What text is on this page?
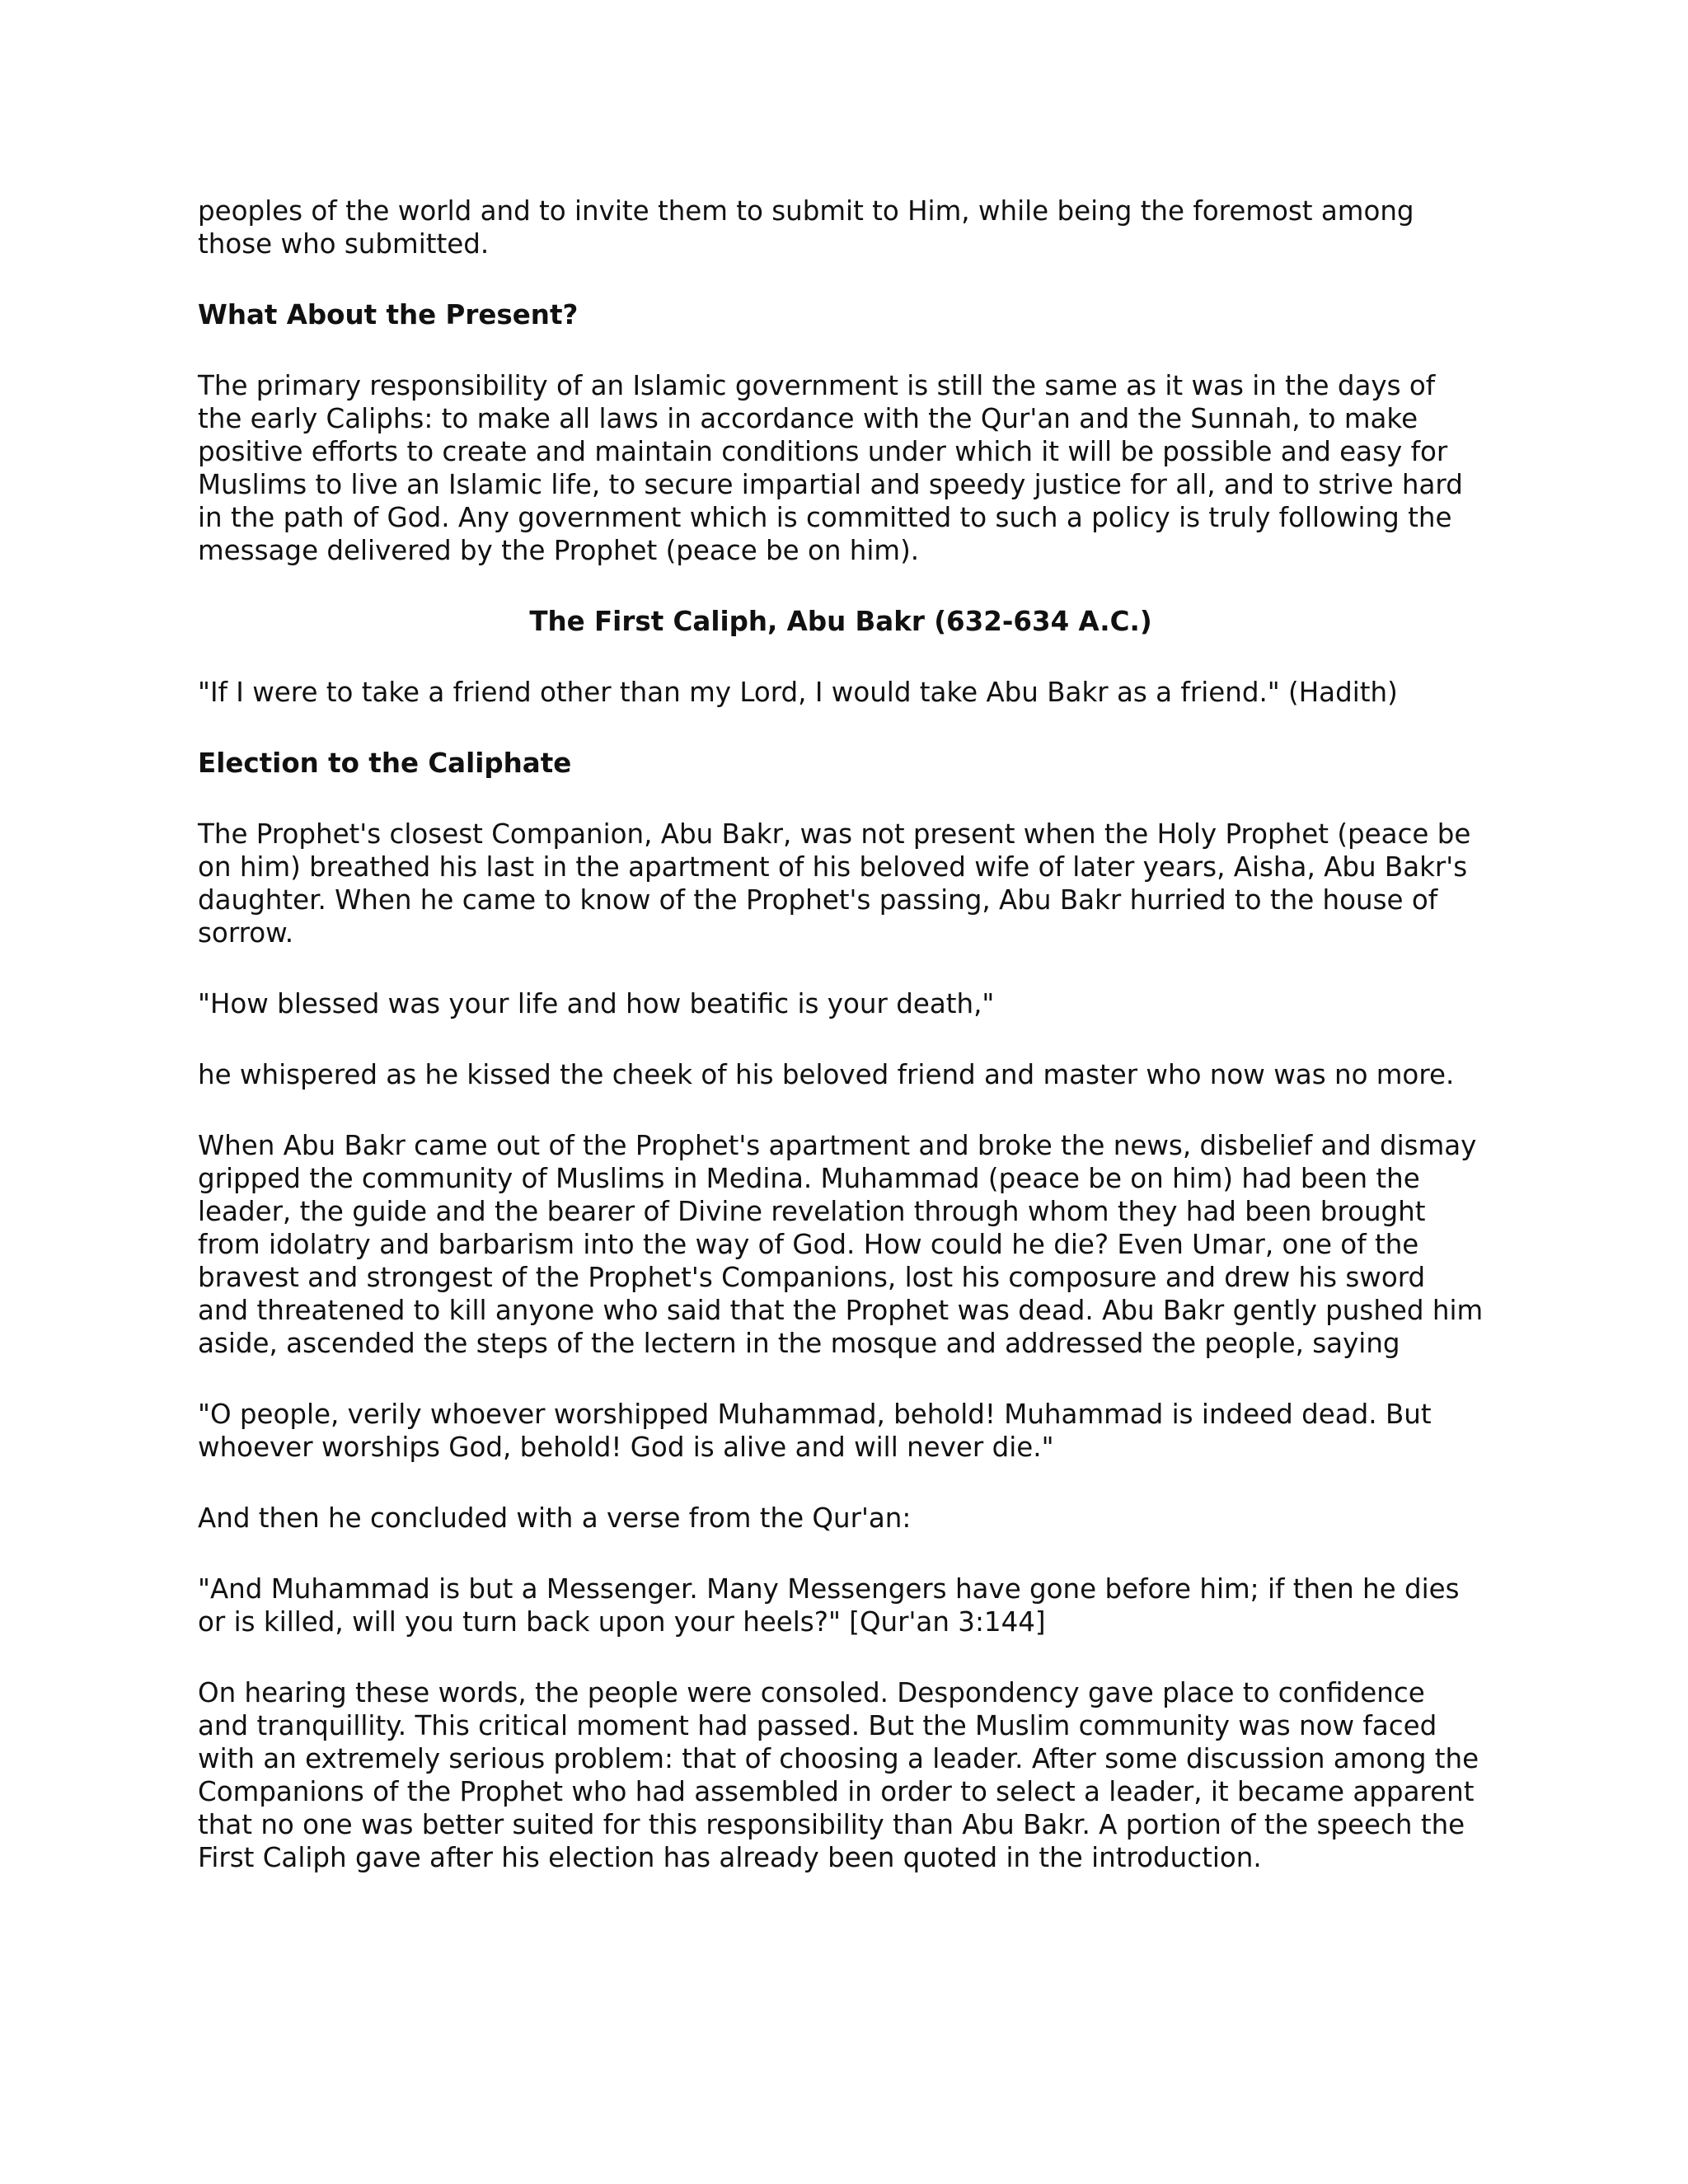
peoples of the world and to invite them to submit to Him, while being the foremost among those who submitted.

What About the Present?

The primary responsibility of an Islamic government is still the same as it was in the days of the early Caliphs: to make all laws in accordance with the Qur'an and the Sunnah, to make positive efforts to create and maintain conditions under which it will be possible and easy for Muslims to live an Islamic life, to secure impartial and speedy justice for all, and to strive hard in the path of God. Any government which is committed to such a policy is truly following the message delivered by the Prophet (peace be on him).

The First Caliph, Abu Bakr (632-634 A.C.)

"If I were to take a friend other than my Lord, I would take Abu Bakr as a friend." (Hadith)

Election to the Caliphate

The Prophet's closest Companion, Abu Bakr, was not present when the Holy Prophet (peace be on him) breathed his last in the apartment of his beloved wife of later years, Aisha, Abu Bakr's daughter. When he came to know of the Prophet's passing, Abu Bakr hurried to the house of sorrow.

"How blessed was your life and how beatific is your death,"

he whispered as he kissed the cheek of his beloved friend and master who now was no more.

When Abu Bakr came out of the Prophet's apartment and broke the news, disbelief and dismay gripped the community of Muslims in Medina. Muhammad (peace be on him) had been the leader, the guide and the bearer of Divine revelation through whom they had been brought from idolatry and barbarism into the way of God. How could he die? Even Umar, one of the bravest and strongest of the Prophet's Companions, lost his composure and drew his sword and threatened to kill anyone who said that the Prophet was dead. Abu Bakr gently pushed him aside, ascended the steps of the lectern in the mosque and addressed the people, saying

"O people, verily whoever worshipped Muhammad, behold! Muhammad is indeed dead. But whoever worships God, behold! God is alive and will never die."

And then he concluded with a verse from the Qur'an:

"And Muhammad is but a Messenger. Many Messengers have gone before him; if then he dies or is killed, will you turn back upon your heels?" [Qur'an 3:144]

On hearing these words, the people were consoled. Despondency gave place to confidence and tranquillity. This critical moment had passed. But the Muslim community was now faced with an extremely serious problem: that of choosing a leader. After some discussion among the Companions of the Prophet who had assembled in order to select a leader, it became apparent that no one was better suited for this responsibility than Abu Bakr. A portion of the speech the First Caliph gave after his election has already been quoted in the introduction.
